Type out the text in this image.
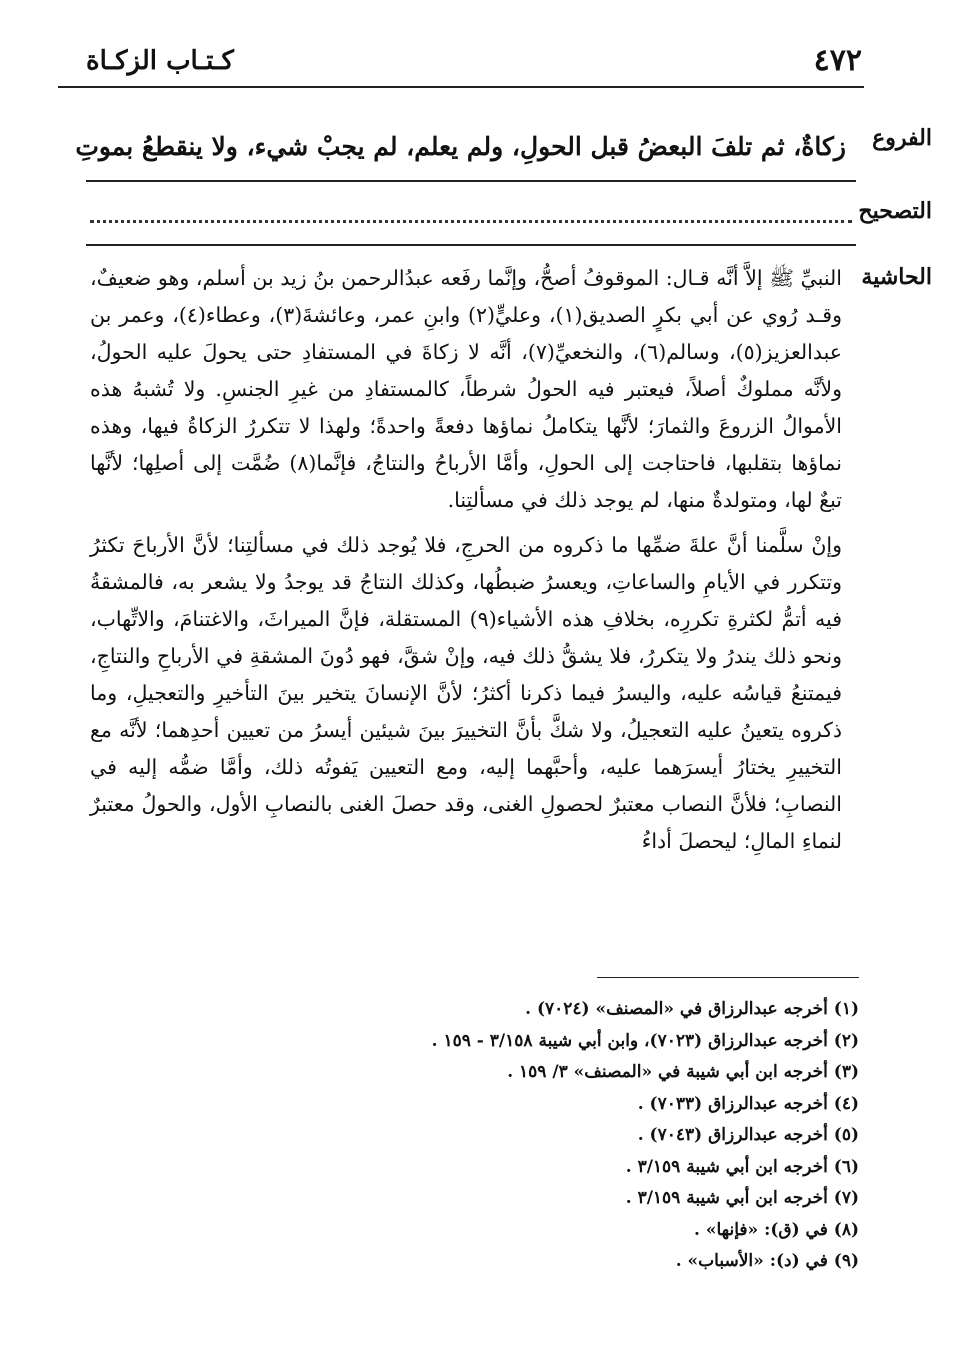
٤٧٢
كـتـاب الزكـاة
الفروع
زكاةٌ، ثم تلفَ البعضُ قبل الحولِ، ولم يعلم، لم يجبْ شيء، ولا ينقطعُ بموتِ
التصحيح
الحاشية

النبيِّ ﷺ إلاَّ أنَّه قـال: الموقوفُ أصحُّ، وإنَّما رفَعه عبدُالرحمن بنُ زيد بن أسلم، وهو ضعيفٌ، وقـد رُوي عن أبي بكرٍ الصديق(١)، وعليٍّ(٢) وابنِ عمر، وعائشةَ(٣)، وعطاء(٤)، وعمر بن عبدالعزيز(٥)، وسالم(٦)، والنخعيِّ(٧)، أنَّه لا زكاةَ في المستفادِ حتى يحولَ عليه الحولُ، ولأنَّه مملوكٌ أصلاً، فيعتبر فيه الحولُ شرطاً، كالمستفادِ من غيرِ الجنسِ. ولا تُشبهُ هذه الأموالُ الزروعَ والثمارَ؛ لأنَّها يتكاملُ نماؤها دفعةً واحدةً؛ ولهذا لا تتكررُ الزكاةُ فيها، وهذه نماؤها بتقلبها، فاحتاجت إلى الحولِ، وأمَّا الأرباحُ والنتاجُ، فإنَّما(٨) ضُمَّت إلى أصلِها؛ لأنَّها تبعٌ لها، ومتولدةٌ منها، لم يوجد ذلك في مسألتِنا.

وإنْ سلَّمنا أنَّ علةَ ضمِّها ما ذكروه من الحرجِ، فلا يُوجد ذلك في مسألتِنا؛ لأنَّ الأرباحَ تكثرُ وتتكرر في الأيامِ والساعاتِ، ويعسرُ ضبطُها، وكذلك النتاجُ قد يوجدُ ولا يشعر به، فالمشقةُ فيه أتمُّ لكثرةِ تكررِه، بخلافِ هذه الأشياء(٩) المستقلة، فإنَّ الميراثَ، والاغتنامَ، والاتِّهاب، ونحو ذلك يندرُ ولا يتكررُ، فلا يشقُّ ذلك فيه، وإنْ شقَّ، فهو دُونَ المشقةِ في الأرباحِ والنتاجِ، فيمتنعُ قياسُه عليه، واليسرُ فيما ذكرنا أكثرُ؛ لأنَّ الإنسانَ يتخير بينَ التأخيرِ والتعجيلِ، وما ذكروه يتعينُ عليه التعجيلُ، ولا شكَّ بأنَّ التخييرَ بينَ شيئين أيسرُ من تعيين أحدِهما؛ لأنَّه مع التخييرِ يختارُ أيسرَهما عليه، وأحبَّهما إليه، ومع التعيين يَفوتُه ذلك، وأمَّا ضمُّه إليه في النصابِ؛ فلأنَّ النصاب معتبرٌ لحصولِ الغنى، وقد حصلَ الغنى بالنصابِ الأول، والحولُ معتبرٌ لنماءِ المالِ؛ ليحصلَ أداءُ

(١) أخرجه عبدالرزاق في «المصنف» (٧٠٢٤) .
(٢) أخرجه عبدالرزاق (٧٠٢٣)، وابن أبي شيبة ٣/١٥٨ - ١٥٩ .
(٣) أخرجه ابن أبي شيبة في «المصنف» ٣/ ١٥٩ .
(٤) أخرجه عبدالرزاق (٧٠٣٣) .
(٥) أخرجه عبدالرزاق (٧٠٤٣) .
(٦) أخرجه ابن أبي شيبة ٣/١٥٩ .
(٧) أخرجه ابن أبي شيبة ٣/١٥٩ .
(٨) في (ق): «فإنها» .
(٩) في (د): «الأسباب» .
